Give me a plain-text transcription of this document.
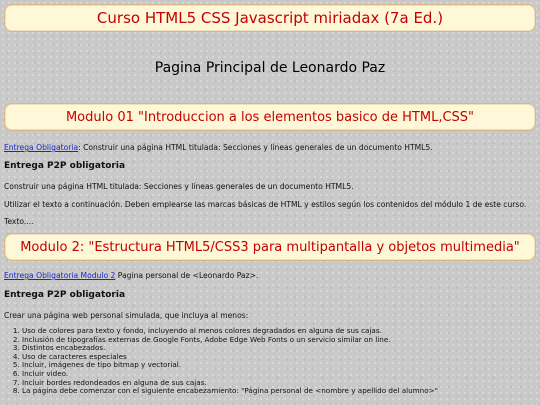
Curso HTML5 CSS Javascript miriadax (7a Ed.)
Pagina Principal de Leonardo Paz
Modulo 01 "Introduccion a los elementos basico de HTML,CSS"
Entrega Obligatoria: Construir una página HTML titulada: Secciones y líneas generales de un documento HTML5.
Entrega P2P obligatoria
Construir una página HTML titulada: Secciones y líneas generales de un documento HTML5.
Utilizar el texto a continuación. Deben emplearse las marcas básicas de HTML y estilos según los contenidos del módulo 1 de este curso.
Texto....
Modulo 2: "Estructura HTML5/CSS3 para multipantalla y objetos multimedia"
Entrega Obligatoria Modulo 2 Pagina personal de <Leonardo Paz>.
Entrega P2P obligatoria
Crear una página web personal simulada, que incluya al menos:
1. Uso de colores para texto y fondo, incluyendo al menos colores degradados en alguna de sus cajas.
2. Inclusión de tipografías externas de Google Fonts, Adobe Edge Web Fonts o un servicio similar on line.
3. Distintos encabezados.
4. Uso de caracteres especiales
5. Incluir, imágenes de tipo bitmap y vectorial.
6. Incluir video.
7. Incluir bordes redondeados en alguna de sus cajas.
8. La página debe comenzar con el siguiente encabezamiento: "Página personal de <nombre y apellido del alumno>"
